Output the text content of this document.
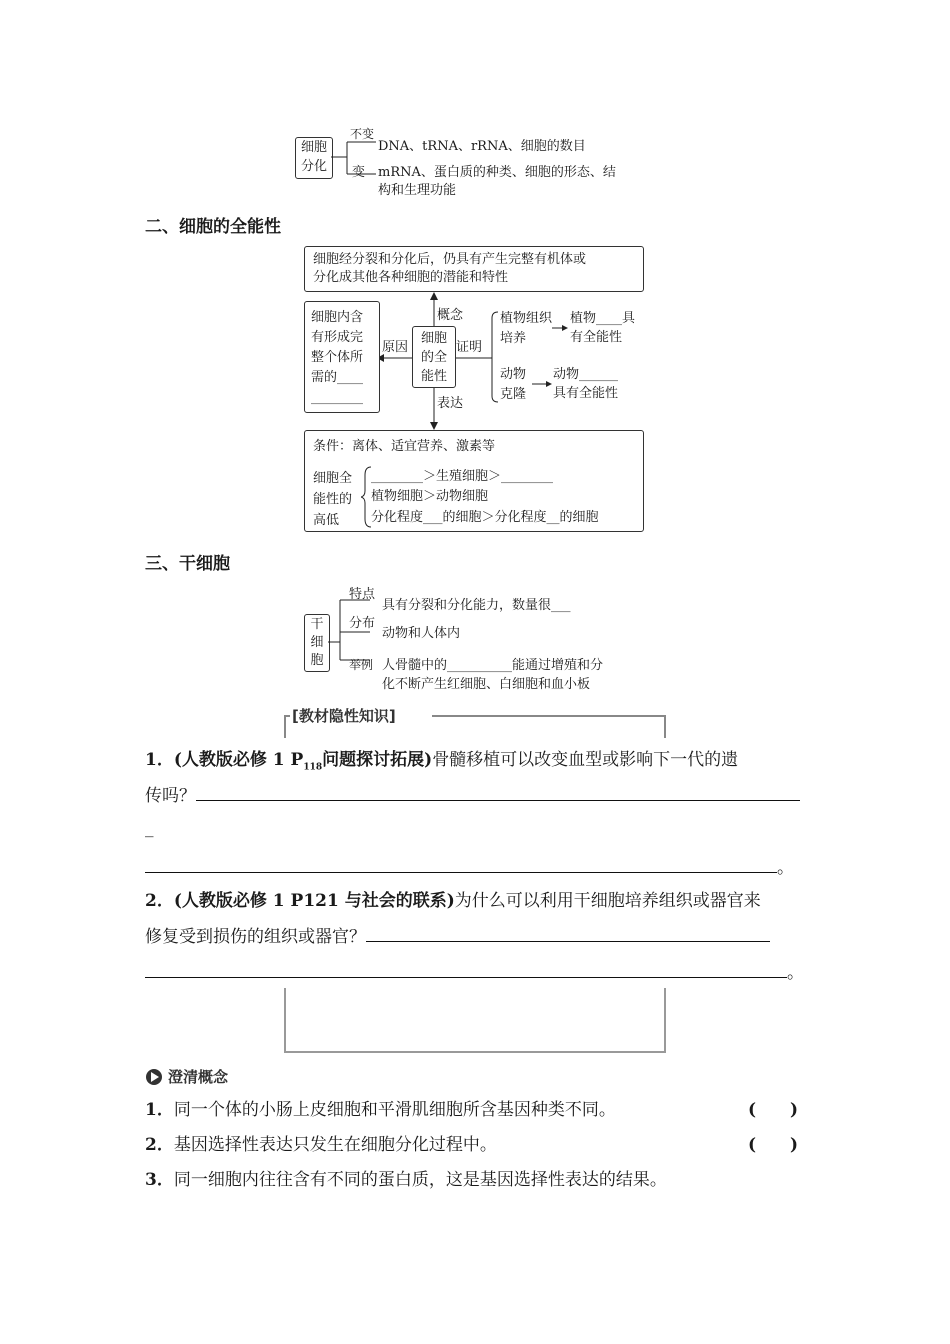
细胞分化
不变
DNA、tRNA、rRNA、细胞的数目
变 mRNA、蛋白质的种类、细胞的形态、结
构和生理功能
二、细胞的全能性
细胞经分裂和分化后，仍具有产生完整有机体或
分化成其他各种细胞的潜能和特性
概念
表达
细胞内含
有形成完
整个体所
需的____
________
原因
细胞的全能性
证明
植物组织培养
植物____具
有全能性
动物克隆
动物______
具有全能性
条件：离体、适宜营养、激素等
细胞全能性的高低
________＞生殖细胞＞________
植物细胞＞动物细胞
分化程度___的细胞＞分化程度__的细胞
三、干细胞
干细胞
特点
具有分裂和分化能力，数量很___
分布
动物和人体内
举例 人骨髓中的__________能通过增殖和分
化不断产生红细胞、白细胞和血小板
[教材隐性知识]
1．(人教版必修 1 $P_{118}$问题探讨拓展)骨髓移植可以改变血型或影响下一代的遗
传吗？
_
。
2．(人教版必修 1 P121 与社会的联系)为什么可以利用干细胞培养组织或器官来
修复受到损伤的组织或器官？
。
澄清概念
1．同一个体的小肠上皮细胞和平滑肌细胞所含基因种类不同。	(　　)
2．基因选择性表达只发生在细胞分化过程中。	(　　)
3．同一细胞内往往含有不同的蛋白质，这是基因选择性表达的结果。
